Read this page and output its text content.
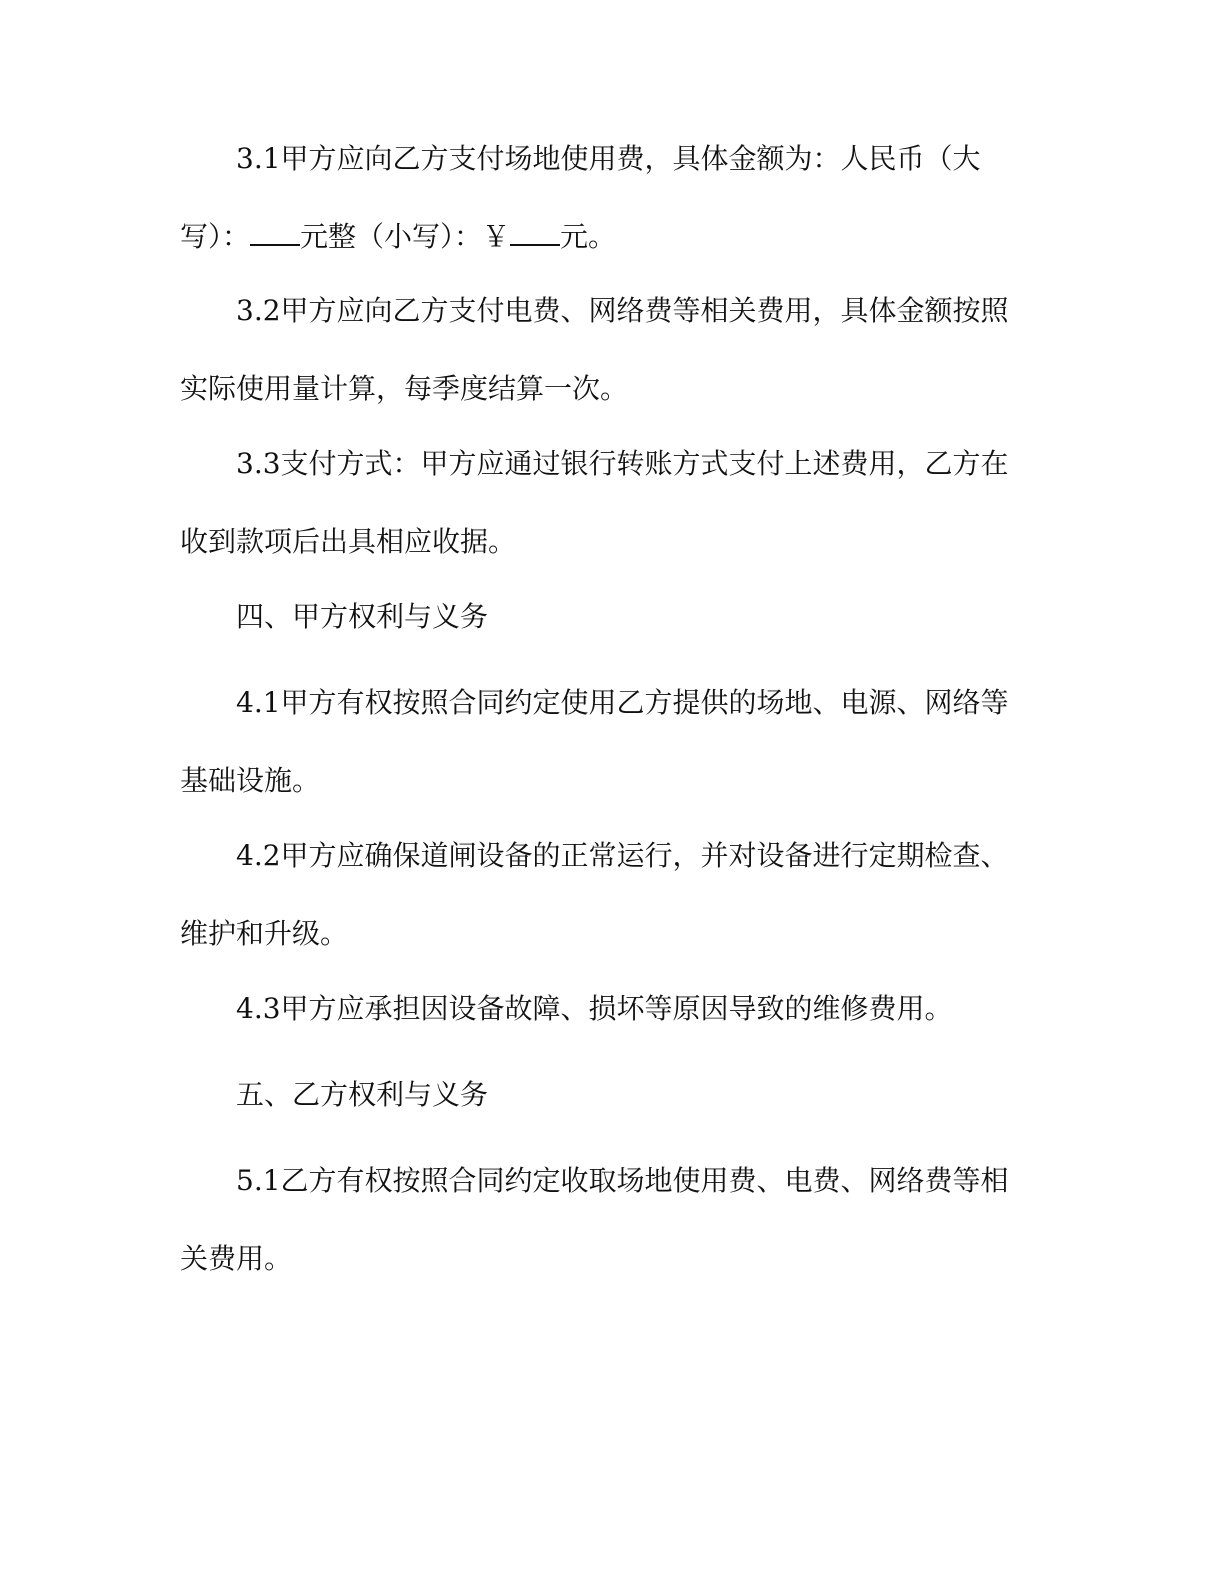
3.1甲方应向乙方支付场地使用费，具体金额为：人民币（大写）： 元整（小写）：￥ 元。

3.2甲方应向乙方支付电费、网络费等相关费用，具体金额按照实际使用量计算，每季度结算一次。

3.3支付方式：甲方应通过银行转账方式支付上述费用，乙方在收到款项后出具相应收据。

四、甲方权利与义务

4.1甲方有权按照合同约定使用乙方提供的场地、电源、网络等基础设施。

4.2甲方应确保道闸设备的正常运行，并对设备进行定期检查、维护和升级。

4.3甲方应承担因设备故障、损坏等原因导致的维修费用。

五、乙方权利与义务

5.1乙方有权按照合同约定收取场地使用费、电费、网络费等相关费用。
